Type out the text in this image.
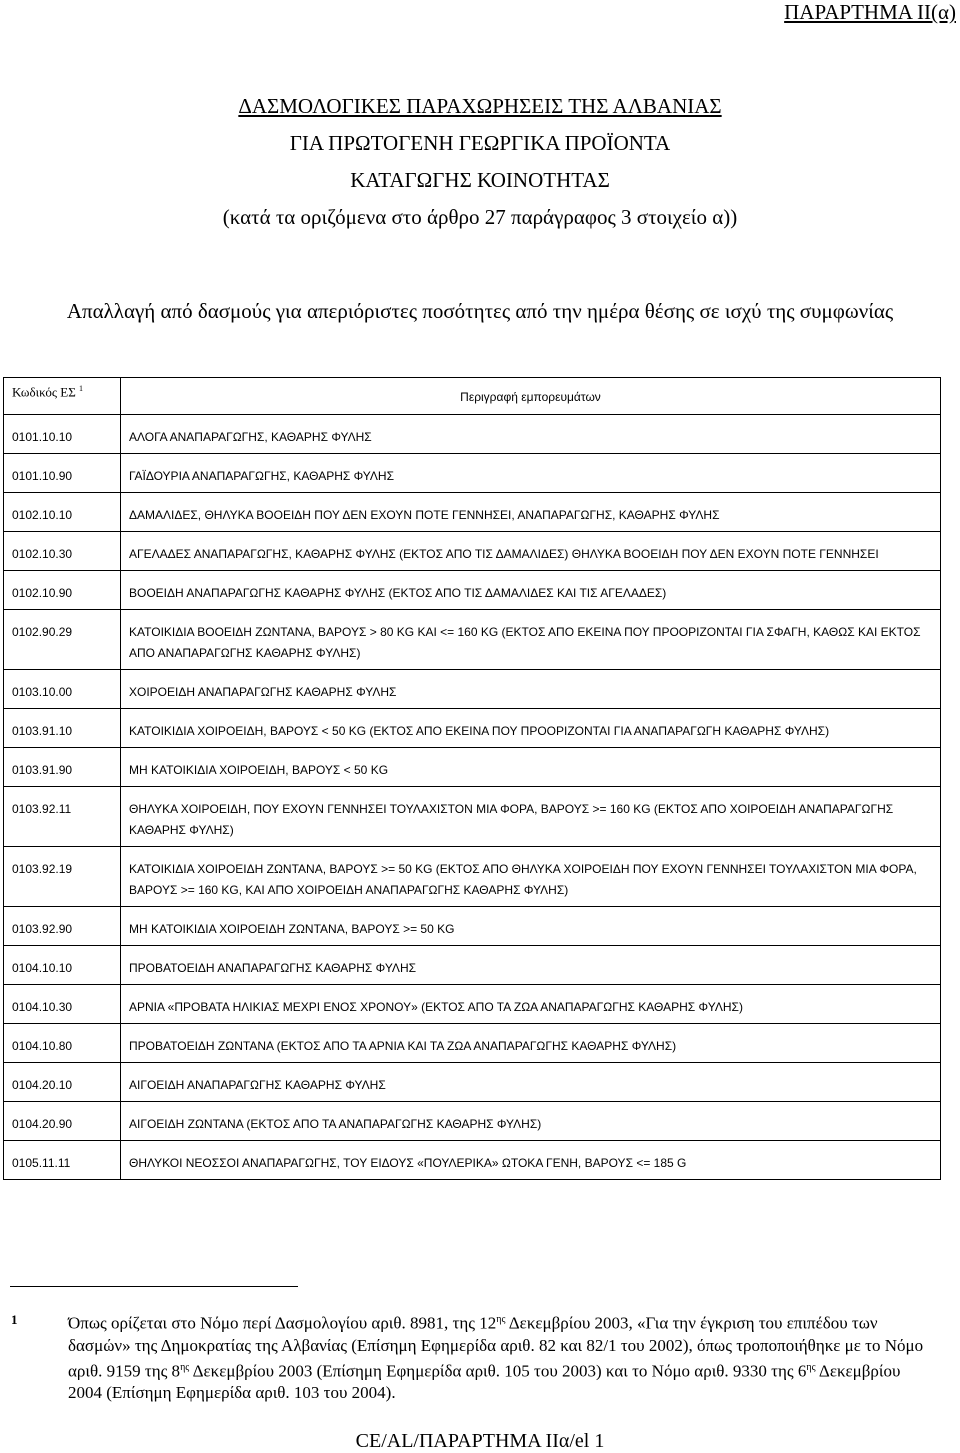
ΠΑΡΑΡΤΗΜΑ ΙΙ(α)
ΔΑΣΜΟΛΟΓΙΚΕΣ ΠΑΡΑΧΩΡΗΣΕΙΣ ΤΗΣ ΑΛΒΑΝΙΑΣ
ΓΙΑ ΠΡΩΤΟΓΕΝΗ ΓΕΩΡΓΙΚΑ ΠΡΟΪΟΝΤΑ
ΚΑΤΑΓΩΓΗΣ ΚΟΙΝΟΤΗΤΑΣ
(κατά τα οριζόμενα στο άρθρο 27 παράγραφος 3 στοιχείο α))
Απαλλαγή από δασμούς για απεριόριστες ποσότητες από την ημέρα θέσης σε ισχύ της συμφωνίας
Κωδικός ΕΣ $^1$	Περιγραφή εμπορευμάτων
0101.10.10	ΑΛΟΓΑ ΑΝΑΠΑΡΑΓΩΓΗΣ, ΚΑΘΑΡΗΣ ΦΥΛΗΣ
0101.10.90	ΓΑΪΔΟΥΡΙΑ ΑΝΑΠΑΡΑΓΩΓΗΣ, ΚΑΘΑΡΗΣ ΦΥΛΗΣ
0102.10.10	ΔΑΜΑΛΙΔΕΣ, ΘΗΛΥΚΑ ΒΟΟΕΙΔΗ ΠΟΥ ΔΕΝ ΕΧΟΥΝ ΠΟΤΕ ΓΕΝΝΗΣΕΙ, ΑΝΑΠΑΡΑΓΩΓΗΣ, ΚΑΘΑΡΗΣ ΦΥΛΗΣ
0102.10.30	ΑΓΕΛΑΔΕΣ ΑΝΑΠΑΡΑΓΩΓΗΣ, ΚΑΘΑΡΗΣ ΦΥΛΗΣ (ΕΚΤΟΣ ΑΠΟ ΤΙΣ ΔΑΜΑΛΙΔΕΣ) ΘΗΛΥΚΑ ΒΟΟΕΙΔΗ ΠΟΥ ΔΕΝ ΕΧΟΥΝ ΠΟΤΕ ΓΕΝΝΗΣΕΙ
0102.10.90	ΒΟΟΕΙΔΗ ΑΝΑΠΑΡΑΓΩΓΗΣ ΚΑΘΑΡΗΣ ΦΥΛΗΣ (ΕΚΤΟΣ ΑΠΟ ΤΙΣ ΔΑΜΑΛΙΔΕΣ ΚΑΙ ΤΙΣ ΑΓΕΛΑΔΕΣ)
0102.90.29	ΚΑΤΟΙΚΙΔΙΑ ΒΟΟΕΙΔΗ ΖΩΝΤΑΝΑ, ΒΑΡΟΥΣ > 80 KG ΚΑΙ <= 160 KG (ΕΚΤΟΣ ΑΠΟ ΕΚΕΙΝΑ ΠΟΥ ΠΡΟΟΡΙΖΟΝΤΑΙ ΓΙΑ ΣΦΑΓΗ, ΚΑΘΩΣ ΚΑΙ ΕΚΤΟΣ ΑΠΟ ΑΝΑΠΑΡΑΓΩΓΗΣ ΚΑΘΑΡΗΣ ΦΥΛΗΣ)
0103.10.00	ΧΟΙΡΟΕΙΔΗ ΑΝΑΠΑΡΑΓΩΓΗΣ ΚΑΘΑΡΗΣ ΦΥΛΗΣ
0103.91.10	ΚΑΤΟΙΚΙΔΙΑ ΧΟΙΡΟΕΙΔΗ, ΒΑΡΟΥΣ < 50 KG (ΕΚΤΟΣ ΑΠΟ ΕΚΕΙΝΑ ΠΟΥ ΠΡΟΟΡΙΖΟΝΤΑΙ ΓΙΑ ΑΝΑΠΑΡΑΓΩΓΗ ΚΑΘΑΡΗΣ ΦΥΛΗΣ)
0103.91.90	ΜΗ ΚΑΤΟΙΚΙΔΙΑ ΧΟΙΡΟΕΙΔΗ, ΒΑΡΟΥΣ < 50 KG
0103.92.11	ΘΗΛΥΚΑ ΧΟΙΡΟΕΙΔΗ, ΠΟΥ ΕΧΟΥΝ ΓΕΝΝΗΣΕΙ ΤΟΥΛΑΧΙΣΤΟΝ ΜΙΑ ΦΟΡΑ, ΒΑΡΟΥΣ >= 160 KG (ΕΚΤΟΣ ΑΠΟ ΧΟΙΡΟΕΙΔΗ ΑΝΑΠΑΡΑΓΩΓΗΣ ΚΑΘΑΡΗΣ ΦΥΛΗΣ)
0103.92.19	ΚΑΤΟΙΚΙΔΙΑ ΧΟΙΡΟΕΙΔΗ ΖΩΝΤΑΝΑ, ΒΑΡΟΥΣ >= 50 KG (ΕΚΤΟΣ ΑΠΟ ΘΗΛΥΚΑ ΧΟΙΡΟΕΙΔΗ ΠΟΥ ΕΧΟΥΝ ΓΕΝΝΗΣΕΙ ΤΟΥΛΑΧΙΣΤΟΝ ΜΙΑ ΦΟΡΑ, ΒΑΡΟΥΣ >= 160 KG, ΚΑΙ ΑΠΟ ΧΟΙΡΟΕΙΔΗ ΑΝΑΠΑΡΑΓΩΓΗΣ ΚΑΘΑΡΗΣ ΦΥΛΗΣ)
0103.92.90	ΜΗ ΚΑΤΟΙΚΙΔΙΑ ΧΟΙΡΟΕΙΔΗ ΖΩΝΤΑΝΑ, ΒΑΡΟΥΣ >= 50 KG
0104.10.10	ΠΡΟΒΑΤΟΕΙΔΗ ΑΝΑΠΑΡΑΓΩΓΗΣ ΚΑΘΑΡΗΣ ΦΥΛΗΣ
0104.10.30	ΑΡΝΙΑ «ΠΡΟΒΑΤΑ ΗΛΙΚΙΑΣ ΜΕΧΡΙ ΕΝΟΣ ΧΡΟΝΟΥ» (ΕΚΤΟΣ ΑΠΟ ΤΑ ΖΩΑ ΑΝΑΠΑΡΑΓΩΓΗΣ ΚΑΘΑΡΗΣ ΦΥΛΗΣ)
0104.10.80	ΠΡΟΒΑΤΟΕΙΔΗ ΖΩΝΤΑΝΑ (ΕΚΤΟΣ ΑΠΟ ΤΑ ΑΡΝΙΑ ΚΑΙ ΤΑ ΖΩΑ ΑΝΑΠΑΡΑΓΩΓΗΣ ΚΑΘΑΡΗΣ ΦΥΛΗΣ)
0104.20.10	ΑΙΓΟΕΙΔΗ ΑΝΑΠΑΡΑΓΩΓΗΣ ΚΑΘΑΡΗΣ ΦΥΛΗΣ
0104.20.90	ΑΙΓΟΕΙΔΗ ΖΩΝΤΑΝΑ (ΕΚΤΟΣ ΑΠΟ ΤΑ ΑΝΑΠΑΡΑΓΩΓΗΣ ΚΑΘΑΡΗΣ ΦΥΛΗΣ)
0105.11.11	ΘΗΛΥΚΟΙ ΝΕΟΣΣΟΙ ΑΝΑΠΑΡΑΓΩΓΗΣ, ΤΟΥ ΕΙΔΟΥΣ «ΠΟΥΛΕΡΙΚΑ» ΩΤΟΚΑ ΓΕΝΗ, ΒΑΡΟΥΣ <= 185 G
1	Όπως ορίζεται στο Νόμο περί Δασμολογίου αριθ. 8981, της $12^{\eta\varsigma}$ Δεκεμβρίου 2003, «Για την έγκριση του επιπέδου των δασμών» της Δημοκρατίας της Αλβανίας (Επίσημη Εφημερίδα αριθ. 82 και 82/1 του 2002), όπως τροποποιήθηκε με το Νόμο αριθ. 9159 της $8^{\eta\varsigma}$ Δεκεμβρίου 2003 (Επίσημη Εφημερίδα αριθ. 105 του 2003) και το Νόμο αριθ. 9330 της $6^{\eta\varsigma}$ Δεκεμβρίου 2004 (Επίσημη Εφημερίδα αριθ. 103 του 2004).
CE/AL/ΠΑΡΑΡΤΗΜΑ ΙΙα/el 1
